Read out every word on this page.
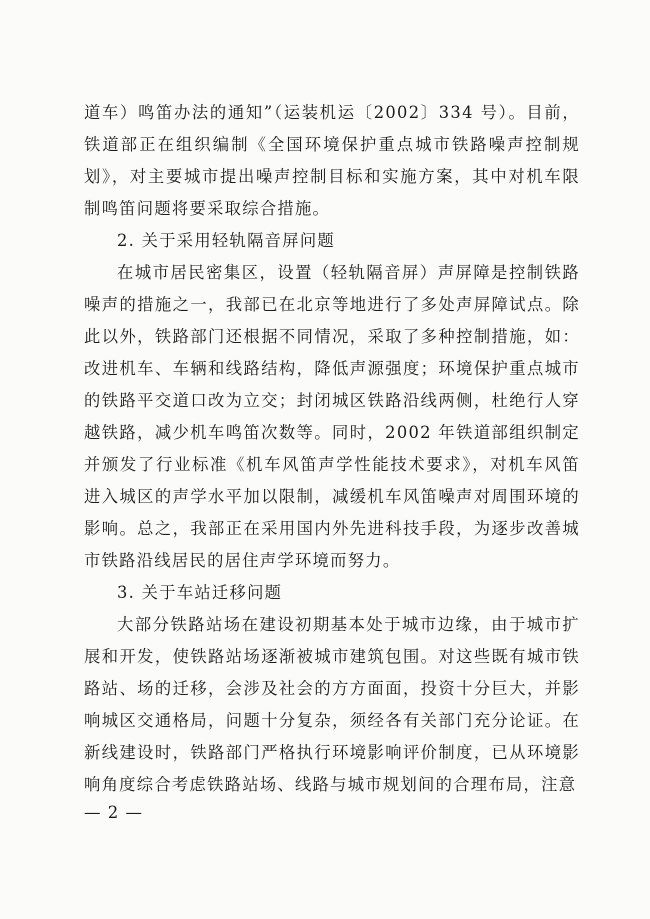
道车）鸣笛办法的通知”（运装机运〔2002〕334 号）。目前，铁道部正在组织编制《全国环境保护重点城市铁路噪声控制规划》，对主要城市提出噪声控制目标和实施方案，其中对机车限制鸣笛问题将要采取综合措施。

2. 关于采用轻轨隔音屏问题

在城市居民密集区，设置（轻轨隔音屏）声屏障是控制铁路噪声的措施之一，我部已在北京等地进行了多处声屏障试点。除此以外，铁路部门还根据不同情况，采取了多种控制措施，如：改进机车、车辆和线路结构，降低声源强度；环境保护重点城市的铁路平交道口改为立交；封闭城区铁路沿线两侧，杜绝行人穿越铁路，减少机车鸣笛次数等。同时，2002 年铁道部组织制定并颁发了行业标准《机车风笛声学性能技术要求》，对机车风笛进入城区的声学水平加以限制，减缓机车风笛噪声对周围环境的影响。总之，我部正在采用国内外先进科技手段，为逐步改善城市铁路沿线居民的居住声学环境而努力。

3. 关于车站迁移问题

大部分铁路站场在建设初期基本处于城市边缘，由于城市扩展和开发，使铁路站场逐渐被城市建筑包围。对这些既有城市铁路站、场的迁移，会涉及社会的方方面面，投资十分巨大，并影响城区交通格局，问题十分复杂，须经各有关部门充分论证。在新线建设时，铁路部门严格执行环境影响评价制度，已从环境影响角度综合考虑铁路站场、线路与城市规划间的合理布局，注意

— 2 —
